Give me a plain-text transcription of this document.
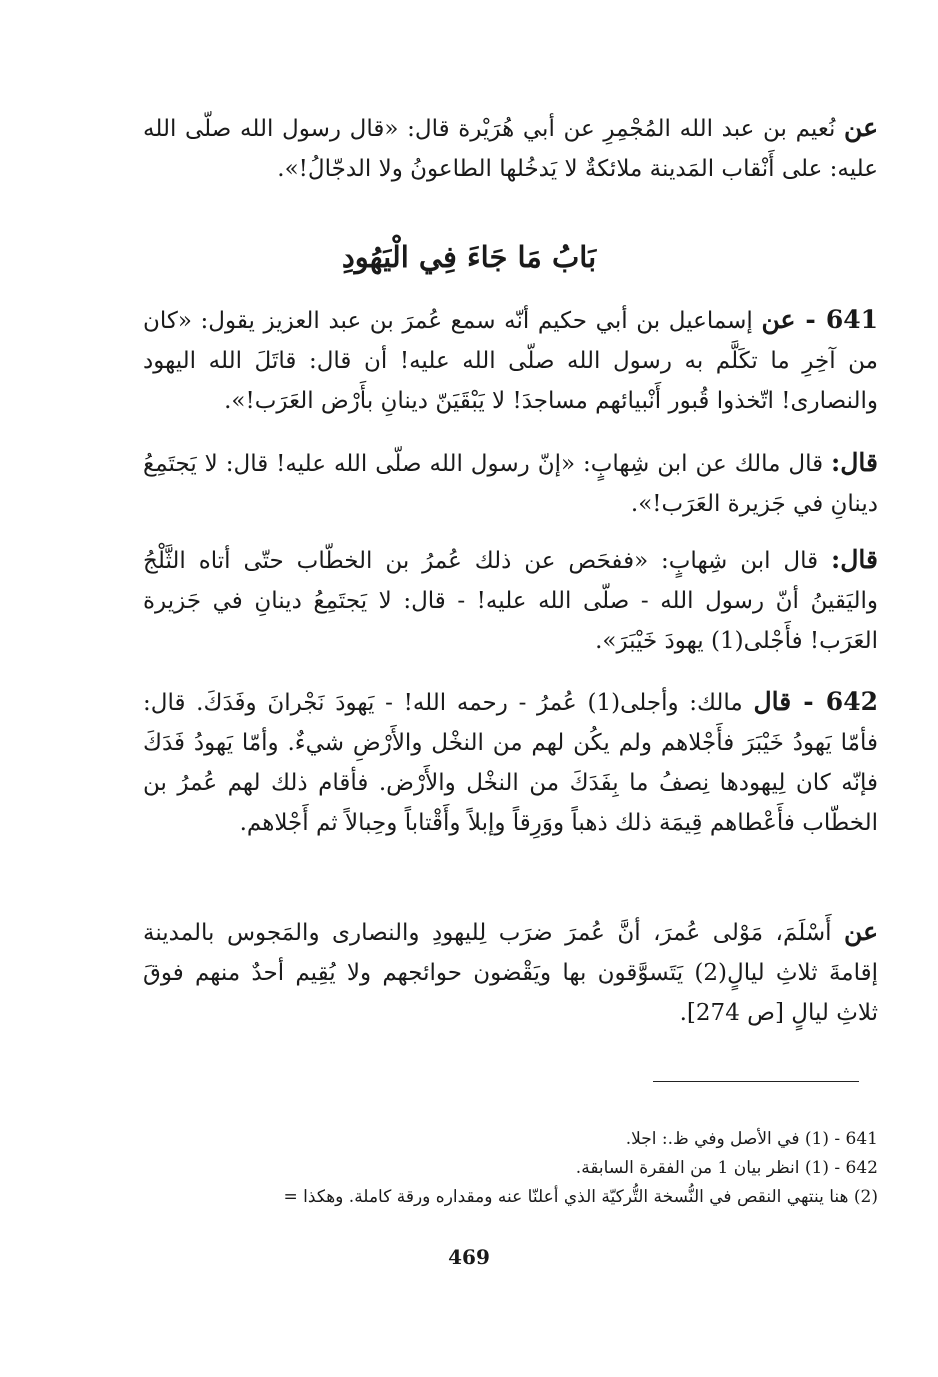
عن نُعيم بن عبد الله المُجْمِرِ عن أبي هُرَيْرة قال: «قال رسول الله صلّى الله عليه: على أَنْقاب المَدينة ملائكةٌ لا يَدخُلها الطاعونُ ولا الدجّالُ!».

بَابُ مَا جَاءَ فِي الْيَهُودِ

641 - عن إسماعيل بن أبي حكيم أنّه سمع عُمرَ بن عبد العزيز يقول: «كان من آخِرِ ما تكَلَّم به رسول الله صلّى الله عليه! أن قال: قاتَلَ الله اليهود والنصارى! اتّخذوا قُبور أَنْبيائهم مساجدَ! لا يَبْقَيَنّ دينانِ بأَرْض العَرَب!».

قال: قال مالك عن ابن شِهابٍ: «إنّ رسول الله صلّى الله عليه! قال: لا يَجتَمِعُ دينانِ في جَزيرة العَرَب!».

قال: قال ابن شِهابٍ: «ففحَص عن ذلك عُمرُ بن الخطّاب حتّى أتاه الثَّلْجُ واليَقينُ أنّ رسول الله - صلّى الله عليه! - قال: لا يَجتَمِعُ دينانِ في جَزيرة العَرَب! فأَجْلى(1) يهودَ خَيْبَرَ».

642 - قال مالك: وأجلى(1) عُمرُ - رحمه الله! - يَهودَ نَجْرانَ وفَدَكَ. قال: فأمّا يَهودُ خَيْبَرَ فأَجْلاهم ولم يكُن لهم من النخْل والأَرْضِ شيءٌ. وأمّا يَهودُ فَدَكَ فإنّه كان لِيهودها نِصفُ ما بِفَدَكَ من النخْل والأَرْض. فأقام ذلك لهم عُمرُ بن الخطّاب فأَعْطاهم قِيمَة ذلك ذهباً ووَرِقاً وإبلاً وأَقْتاباً وحِبالاً ثم أَجْلاهم.

عن أَسْلَمَ، مَوْلى عُمرَ، أنَّ عُمرَ ضرَب لِليهودِ والنصارى والمَجوس بالمدينة إقامةَ ثلاثِ ليالٍ(2) يَتَسوَّقون بها ويَقْضون حوائجهم ولا يُقِيم أحدٌ منهم فوقَ ثلاثِ ليالٍ [ص 274].

641 - (1) في الأصل وفي ظ.: اجلا.
642 - (1) انظر بيان 1 من الفقرة السابقة.
(2) هنا ينتهي النقص في النُّسخة التُّركيّة الذي أعلنّا عنه ومقداره ورقة كاملة. وهكذا =
469
